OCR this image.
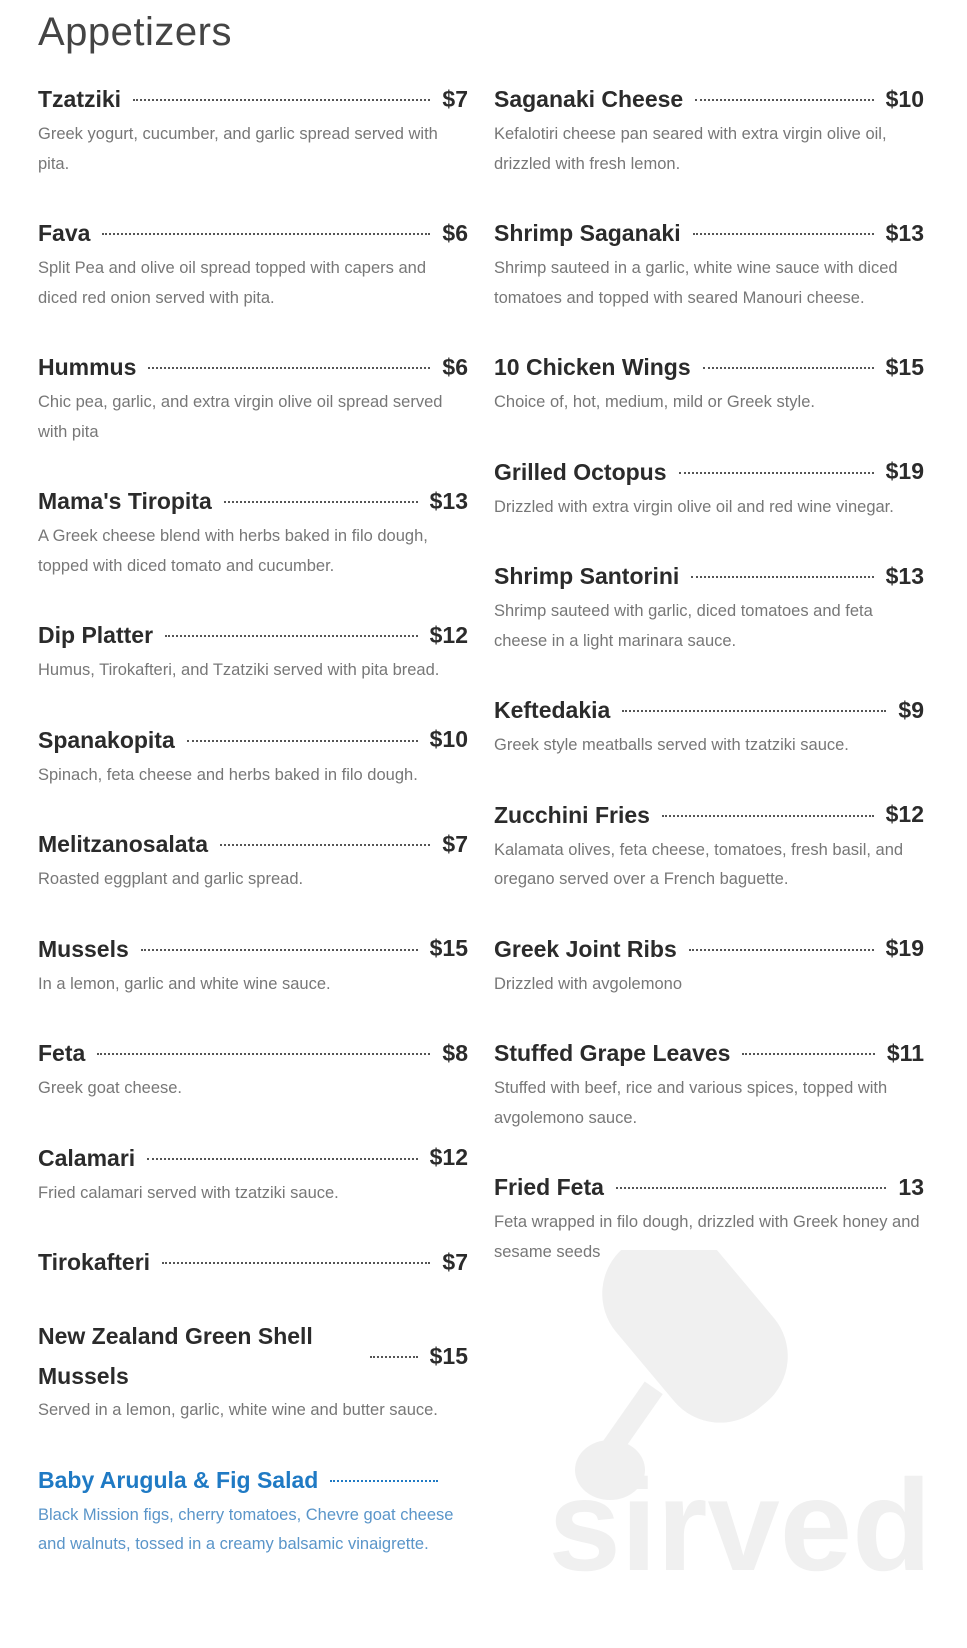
Appetizers
Tzatziki	$7
Greek yogurt, cucumber, and garlic spread served with pita.
Fava	$6
Split Pea and olive oil spread topped with capers and diced red onion served with pita.
Hummus	$6
Chic pea, garlic, and extra virgin olive oil spread served with pita
Mama's Tiropita	$13
A Greek cheese blend with herbs baked in filo dough, topped with diced tomato and cucumber.
Dip Platter	$12
Humus, Tirokafteri, and Tzatziki served with pita bread.
Spanakopita	$10
Spinach, feta cheese and herbs baked in filo dough.
Melitzanosalata	$7
Roasted eggplant and garlic spread.
Mussels	$15
In a lemon, garlic and white wine sauce.
Feta	$8
Greek goat cheese.
Calamari	$12
Fried calamari served with tzatziki sauce.
Tirokafteri	$7
New Zealand Green Shell Mussels
$15
Served in a lemon, garlic, white wine and butter sauce.
Baby Arugula & Fig Salad
Black Mission figs, cherry tomatoes, Chevre goat cheese and walnuts, tossed in a creamy balsamic vinaigrette.
Saganaki Cheese	$10
Kefalotiri cheese pan seared with extra virgin olive oil, drizzled with fresh lemon.
Shrimp Saganaki	$13
Shrimp sauteed in a garlic, white wine sauce with diced tomatoes and topped with seared Manouri cheese.
10 Chicken Wings	$15
Choice of, hot, medium, mild or Greek style.
Grilled Octopus	$19
Drizzled with extra virgin olive oil and red wine vinegar.
Shrimp Santorini	$13
Shrimp sauteed with garlic, diced tomatoes and feta cheese in a light marinara sauce.
Keftedakia	$9
Greek style meatballs served with tzatziki sauce.
Zucchini Fries	$12
Kalamata olives, feta cheese, tomatoes, fresh basil, and oregano served over a French baguette.
Greek Joint Ribs	$19
Drizzled with avgolemono
Stuffed Grape Leaves	$11
Stuffed with beef, rice and various spices, topped with avgolemono sauce.
Fried Feta	13
Feta wrapped in filo dough, drizzled with Greek honey and sesame seeds
sirved
